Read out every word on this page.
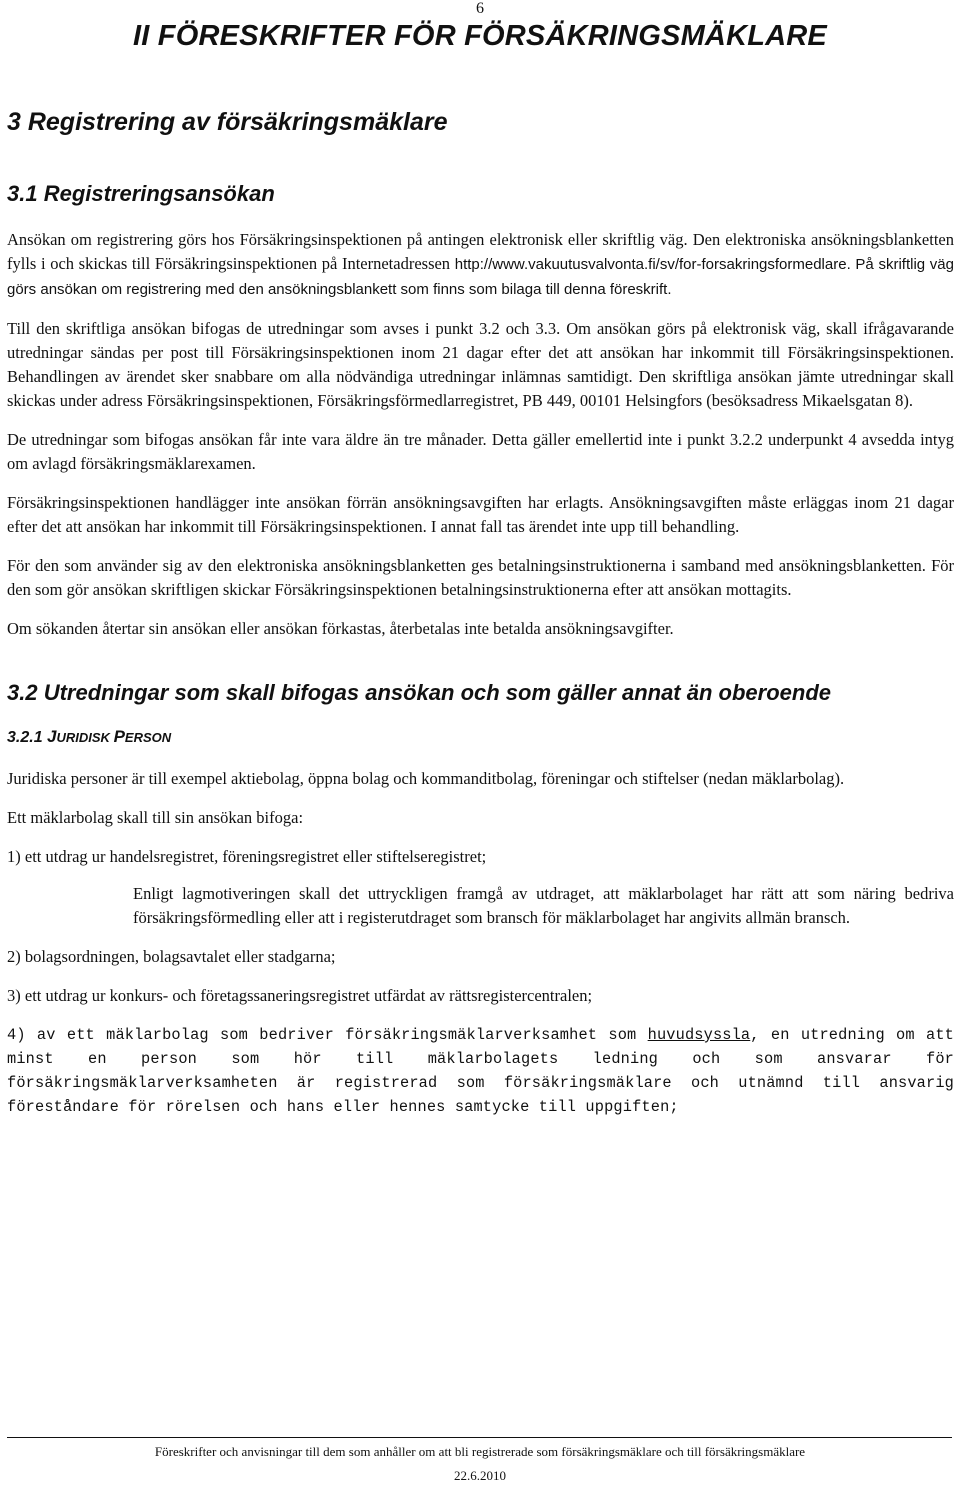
6
II FÖRESKRIFTER FÖR FÖRSÄKRINGSMÄKLARE
3 Registrering av försäkringsmäklare
3.1 Registreringsansökan

Ansökan om registrering görs hos Försäkringsinspektionen på antingen elektronisk eller skriftlig väg. Den elektroniska ansökningsblanketten fylls i och skickas till Försäkringsinspektionen på Internetadressen http://www.vakuutusvalvonta.fi/sv/for-forsakringsformedlare. På skriftlig väg görs ansökan om registrering med den ansökningsblankett som finns som bilaga till denna föreskrift.

Till den skriftliga ansökan bifogas de utredningar som avses i punkt 3.2 och 3.3. Om ansökan görs på elektronisk väg, skall ifrågavarande utredningar sändas per post till Försäkringsinspektionen inom 21 dagar efter det att ansökan har inkommit till Försäkringsinspektionen. Behandlingen av ärendet sker snabbare om alla nödvändiga utredningar inlämnas samtidigt. Den skriftliga ansökan jämte utredningar skall skickas under adress Försäkringsinspektionen, Försäkringsförmedlarregistret, PB 449, 00101 Helsingfors (besöksadress Mikaelsgatan 8).

De utredningar som bifogas ansökan får inte vara äldre än tre månader. Detta gäller emellertid inte i punkt 3.2.2 underpunkt 4 avsedda intyg om avlagd försäkringsmäklarexamen.

Försäkringsinspektionen handlägger inte ansökan förrän ansökningsavgiften har erlagts. Ansökningsavgiften måste erläggas inom 21 dagar efter det att ansökan har inkommit till Försäkringsinspektionen. I annat fall tas ärendet inte upp till behandling.

För den som använder sig av den elektroniska ansökningsblanketten ges betalningsinstruktionerna i samband med ansökningsblanketten. För den som gör ansökan skriftligen skickar Försäkringsinspektionen betalningsinstruktionerna efter att ansökan mottagits.

Om sökanden återtar sin ansökan eller ansökan förkastas, återbetalas inte betalda ansökningsavgifter.

3.2 Utredningar som skall bifogas ansökan och som gäller annat än oberoende
3.2.1 JURIDISK PERSON

Juridiska personer är till exempel aktiebolag, öppna bolag och kommanditbolag, föreningar och stiftelser (nedan mäklarbolag).

Ett mäklarbolag skall till sin ansökan bifoga:

1) ett utdrag ur handelsregistret, föreningsregistret eller stiftelseregistret;

Enligt lagmotiveringen skall det uttryckligen framgå av utdraget, att mäklarbolaget har rätt att som näring bedriva försäkringsförmedling eller att i registerutdraget som bransch för mäklarbolaget har angivits allmän bransch.

2) bolagsordningen, bolagsavtalet eller stadgarna;

3) ett utdrag ur konkurs- och företagssaneringsregistret utfärdat av rättsregistercentralen;

4) av ett mäklarbolag som bedriver försäkringsmäklarverksamhet som huvudsyssla, en utredning om att minst en person som hör till mäklarbolagets ledning och som ansvarar för försäkringsmäklarverksamheten är registrerad som försäkringsmäklare och utnämnd till ansvarig föreståndare för rörelsen och hans eller hennes samtycke till uppgiften;

Föreskrifter och anvisningar till dem som anhåller om att bli registrerade som försäkringsmäklare och till försäkringsmäklare
22.6.2010
